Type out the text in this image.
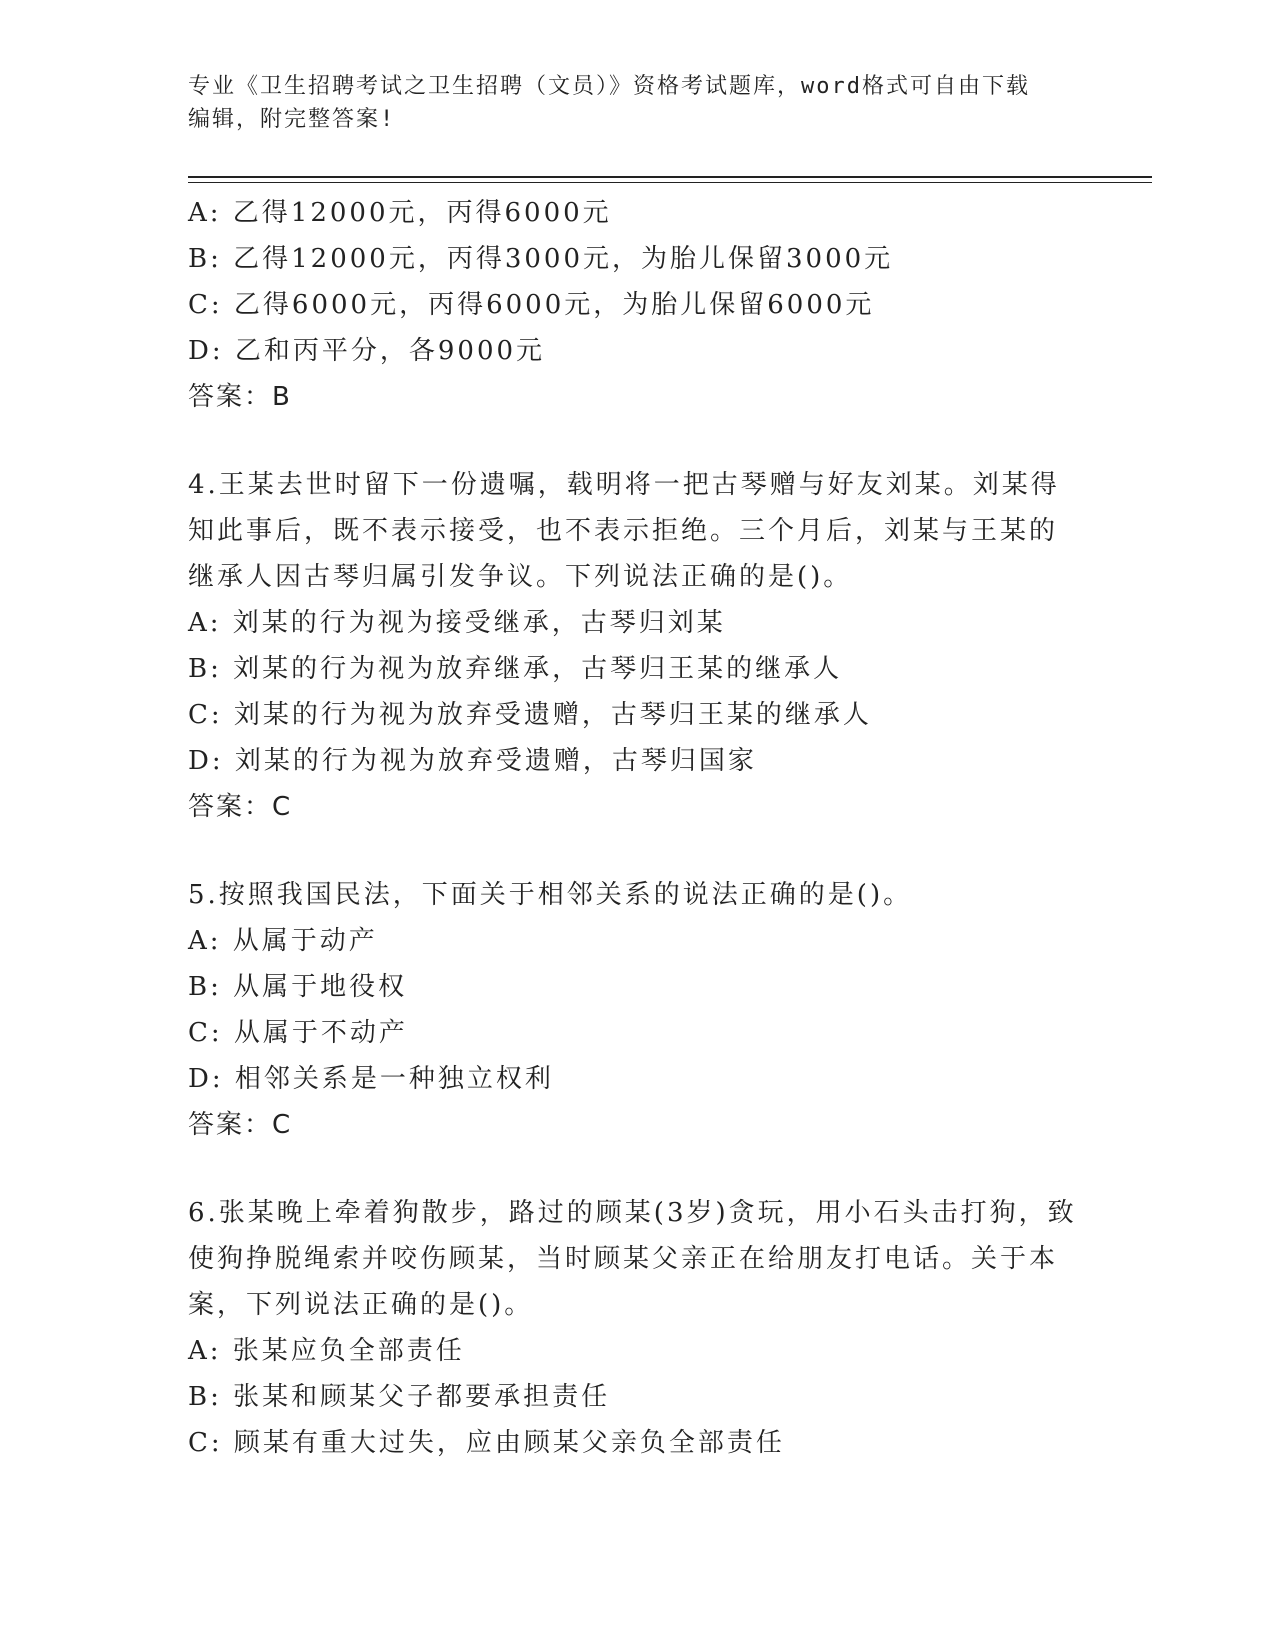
专业《卫生招聘考试之卫生招聘（文员）》资格考试题库，word格式可自由下载
编辑，附完整答案!
A: 乙得12000元，丙得6000元
B: 乙得12000元，丙得3000元，为胎儿保留3000元
C: 乙得6000元，丙得6000元，为胎儿保留6000元
D: 乙和丙平分，各9000元
答案：B
4.王某去世时留下一份遗嘱，载明将一把古琴赠与好友刘某。刘某得
知此事后，既不表示接受，也不表示拒绝。三个月后，刘某与王某的
继承人因古琴归属引发争议。下列说法正确的是()。
A: 刘某的行为视为接受继承，古琴归刘某
B: 刘某的行为视为放弃继承，古琴归王某的继承人
C: 刘某的行为视为放弃受遗赠，古琴归王某的继承人
D: 刘某的行为视为放弃受遗赠，古琴归国家
答案：C
5.按照我国民法，下面关于相邻关系的说法正确的是()。
A: 从属于动产
B: 从属于地役权
C: 从属于不动产
D: 相邻关系是一种独立权利
答案：C
6.张某晚上牵着狗散步，路过的顾某(3岁)贪玩，用小石头击打狗，致
使狗挣脱绳索并咬伤顾某，当时顾某父亲正在给朋友打电话。关于本
案，下列说法正确的是()。
A: 张某应负全部责任
B: 张某和顾某父子都要承担责任
C: 顾某有重大过失，应由顾某父亲负全部责任
